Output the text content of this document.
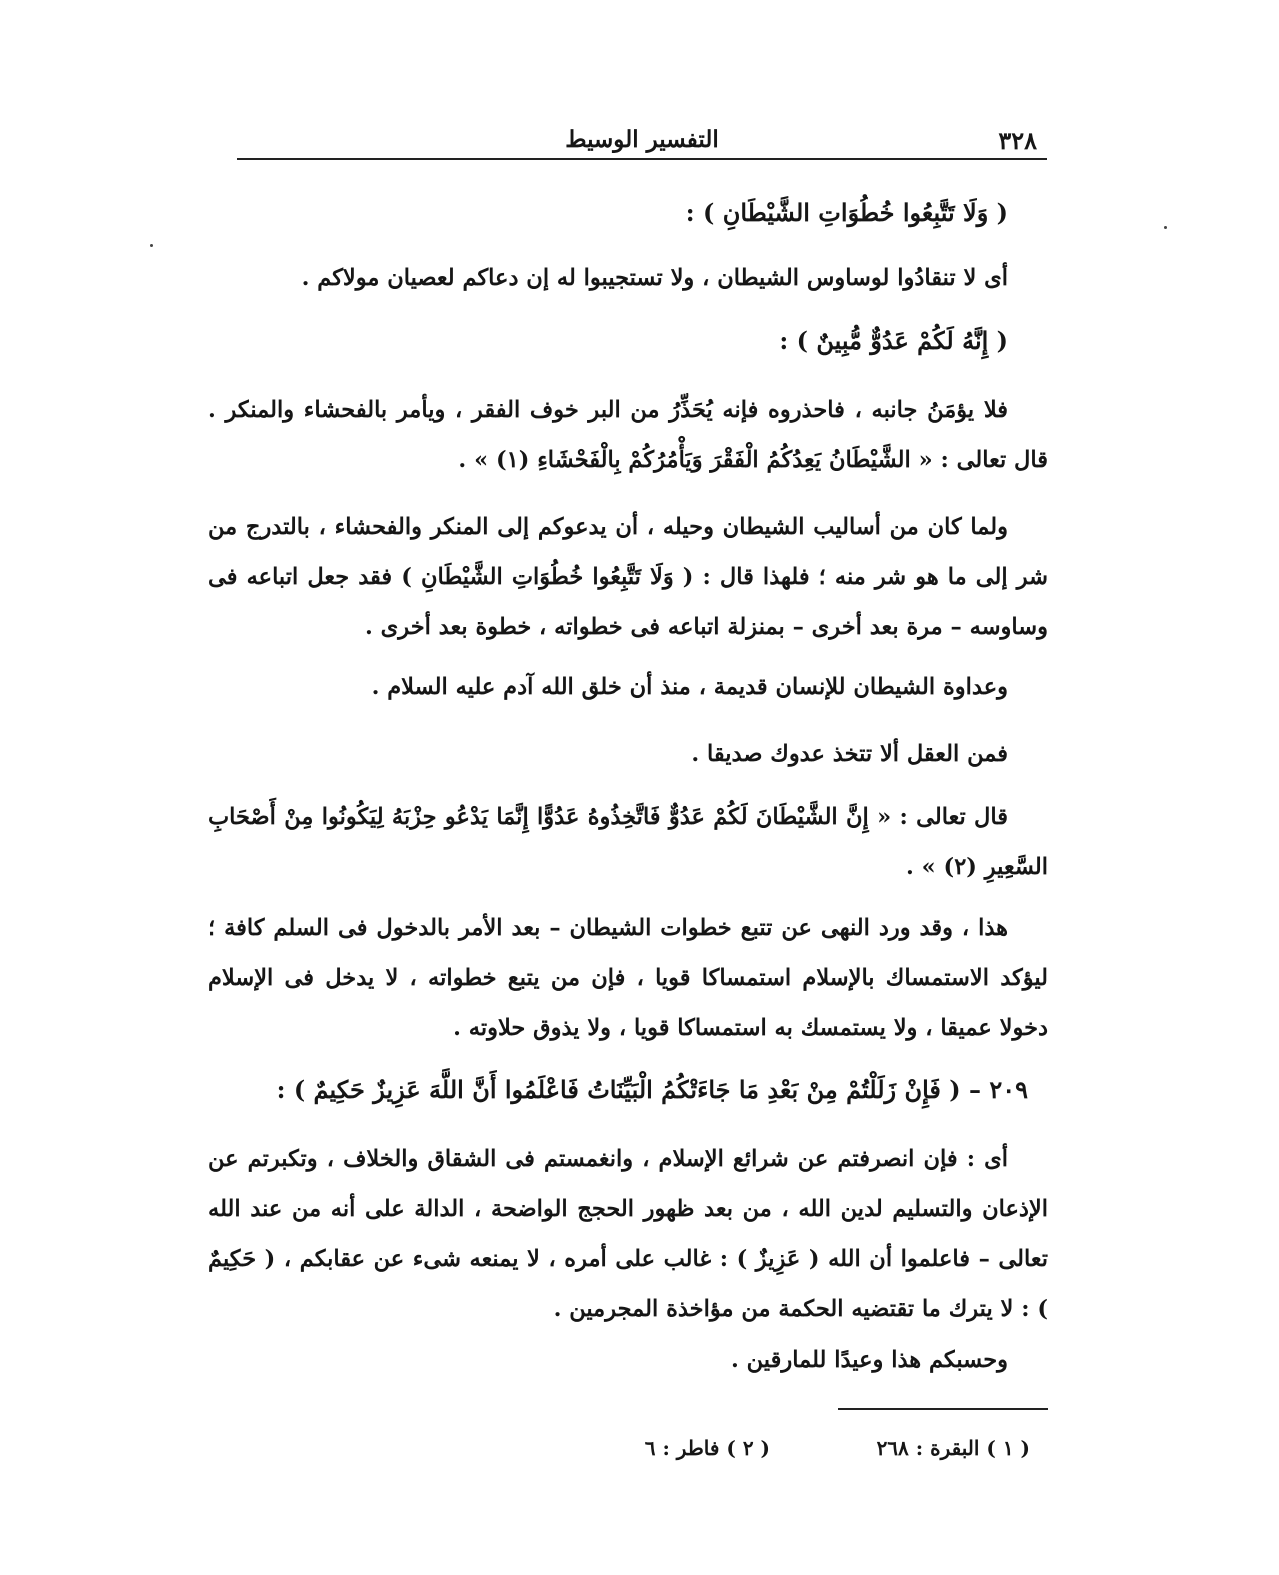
٣٢٨
التفسير الوسيط

( وَلَا تَتَّبِعُوا خُطُوَاتِ الشَّيْطَانِ ) :

أى لا تنقادُوا لوساوس الشيطان ، ولا تستجيبوا له إن دعاكم لعصيان مولاكم .

( إِنَّهُ لَكُمْ عَدُوٌّ مُّبِينٌ ) :

فلا يؤمَنُ جانبه ، فاحذروه فإنه يُحَذِّرُ من البر خوف الفقر ، ويأمر بالفحشاء والمنكر . قال تعالى : « الشَّيْطَانُ يَعِدُكُمُ الْفَقْرَ وَيَأْمُرُكُمْ بِالْفَحْشَاءِ (١) » .

ولما كان من أساليب الشيطان وحيله ، أن يدعوكم إلى المنكر والفحشاء ، بالتدرج من شر إلى ما هو شر منه ؛ فلهذا قال : ( وَلَا تَتَّبِعُوا خُطُوَاتِ الشَّيْطَانِ ) فقد جعل اتباعه فى وساوسه – مرة بعد أخرى – بمنزلة اتباعه فى خطواته ، خطوة بعد أخرى .

وعداوة الشيطان للإنسان قديمة ، منذ أن خلق الله آدم عليه السلام .

فمن العقل ألا تتخذ عدوك صديقا .

قال تعالى : « إِنَّ الشَّيْطَانَ لَكُمْ عَدُوٌّ فَاتَّخِذُوهُ عَدُوًّا إِنَّمَا يَدْعُو حِزْبَهُ لِيَكُونُوا مِنْ أَصْحَابِ السَّعِيرِ (٢) » .

هذا ، وقد ورد النهى عن تتبع خطوات الشيطان – بعد الأمر بالدخول فى السلم كافة ؛ ليؤكد الاستمساك بالإسلام استمساكا قويا ، فإن من يتبع خطواته ، لا يدخل فى الإسلام دخولا عميقا ، ولا يستمسك به استمساكا قويا ، ولا يذوق حلاوته .

٢٠٩ – ( فَإِنْ زَلَلْتُمْ مِنْ بَعْدِ مَا جَاءَتْكُمُ الْبَيِّنَاتُ فَاعْلَمُوا أَنَّ اللَّهَ عَزِيزٌ حَكِيمٌ ) :

أى : فإن انصرفتم عن شرائع الإسلام ، وانغمستم فى الشقاق والخلاف ، وتكبرتم عن الإذعان والتسليم لدين الله ، من بعد ظهور الحجج الواضحة ، الدالة على أنه من عند الله تعالى – فاعلموا أن الله ( عَزِيزٌ ) : غالب على أمره ، لا يمنعه شىء عن عقابكم ، ( حَكِيمٌ ) : لا يترك ما تقتضيه الحكمة من مؤاخذة المجرمين .

وحسبكم هذا وعيدًا للمارقين .

( ١ ) البقرة : ٢٦٨
( ٢ ) فاطر : ٦
